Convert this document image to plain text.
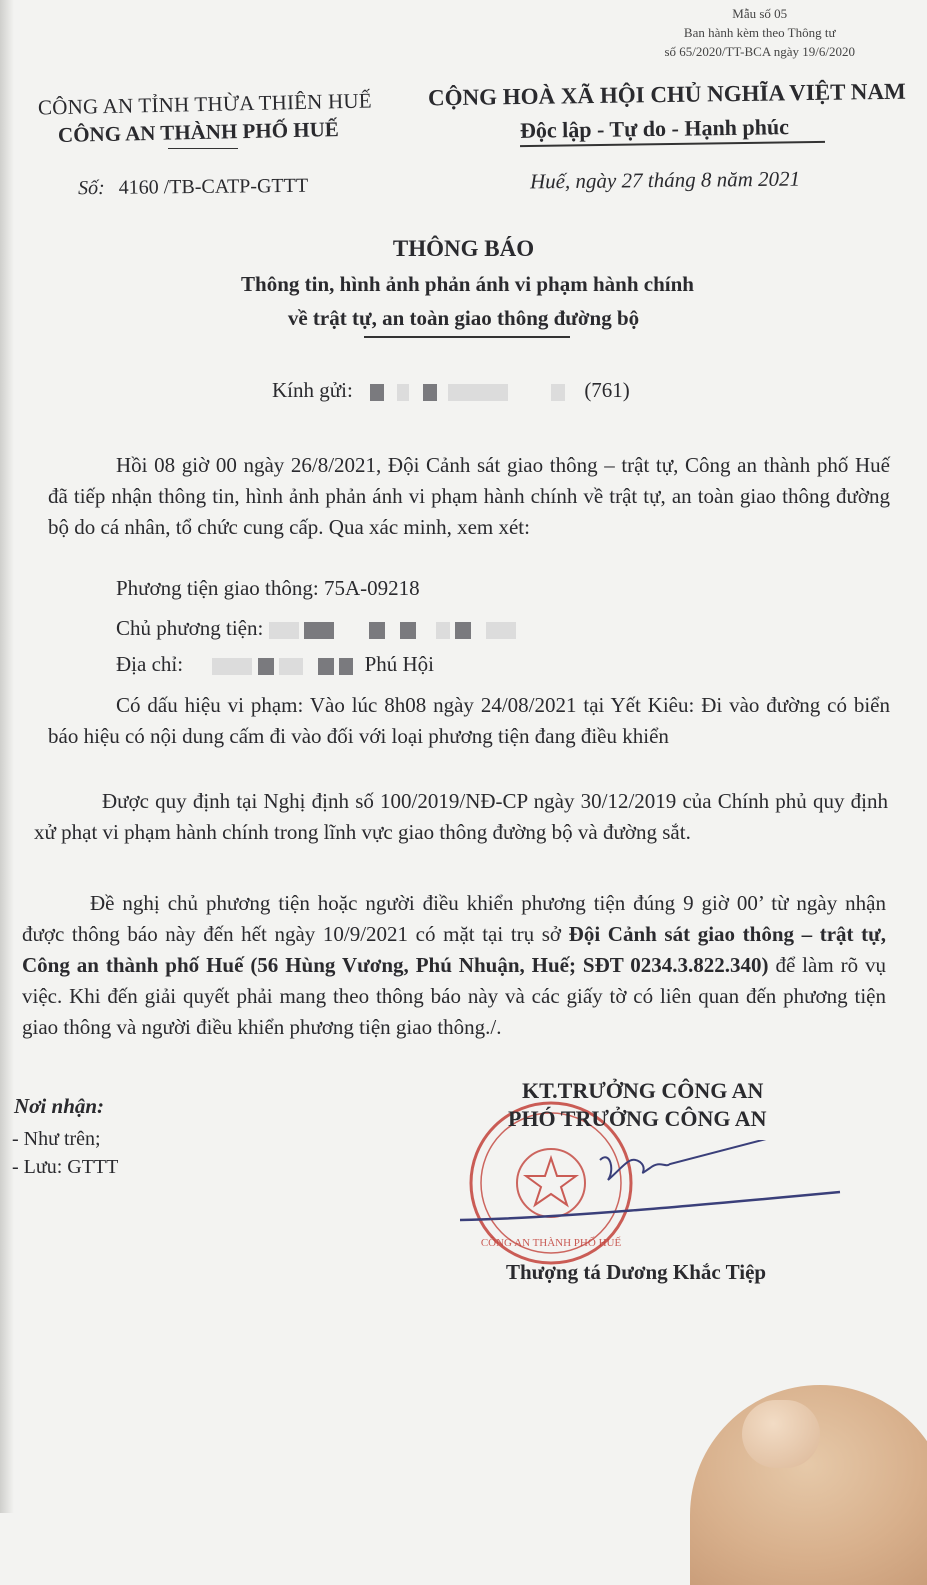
Mẫu số 05
Ban hành kèm theo Thông tư
số 65/2020/TT-BCA ngày 19/6/2020
CÔNG AN TỈNH THỪA THIÊN HUẾ
CÔNG AN THÀNH PHỐ HUẾ
CỘNG HOÀ XÃ HỘI CHỦ NGHĨA VIỆT NAM
Độc lập - Tự do - Hạnh phúc
Số: 4160 /TB-CATP-GTTT	Huế, ngày 27 tháng 8 năm 2021
THÔNG BÁO
Thông tin, hình ảnh phản ánh vi phạm hành chính
về trật tự, an toàn giao thông đường bộ
Kính gửi:	(761)
Hồi 08 giờ 00 ngày 26/8/2021, Đội Cảnh sát giao thông – trật tự, Công an thành phố Huế đã tiếp nhận thông tin, hình ảnh phản ánh vi phạm hành chính về trật tự, an toàn giao thông đường bộ do cá nhân, tổ chức cung cấp. Qua xác minh, xem xét:
Phương tiện giao thông: 75A-09218
Chủ phương tiện:
Địa chỉ:	Phú Hội
Có dấu hiệu vi phạm: Vào lúc 8h08 ngày 24/08/2021 tại Yết Kiêu: Đi vào đường có biển báo hiệu có nội dung cấm đi vào đối với loại phương tiện đang điều khiển
Được quy định tại Nghị định số 100/2019/NĐ-CP ngày 30/12/2019 của Chính phủ quy định xử phạt vi phạm hành chính trong lĩnh vực giao thông đường bộ và đường sắt.
Đề nghị chủ phương tiện hoặc người điều khiển phương tiện đúng 9 giờ 00’ từ ngày nhận được thông báo này đến hết ngày 10/9/2021 có mặt tại trụ sở Đội Cảnh sát giao thông – trật tự, Công an thành phố Huế (56 Hùng Vương, Phú Nhuận, Huế; SĐT 0234.3.822.340) để làm rõ vụ việc. Khi đến giải quyết phải mang theo thông báo này và các giấy tờ có liên quan đến phương tiện giao thông và người điều khiển phương tiện giao thông./.
Nơi nhận:
- Như trên;
- Lưu: GTTT
CÔNG AN THÀNH PHỐ HUẾ
KT.TRƯỞNG CÔNG AN
PHÓ TRƯỞNG CÔNG AN
Thượng tá Dương Khắc Tiệp
